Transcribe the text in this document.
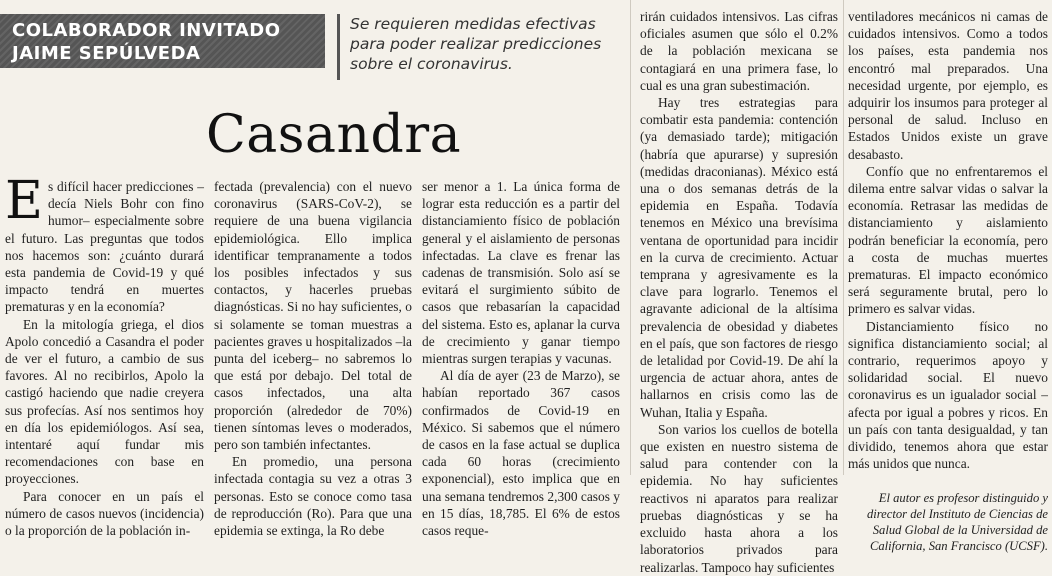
COLABORADOR INVITADO
JAIME SEPÚLVEDA
Se requieren medidas efectivas para poder realizar predicciones sobre el coronavirus.
Casandra

Es difícil hacer predicciones –decía Niels Bohr con fino humor– especialmente sobre el futuro. Las preguntas que todos nos hacemos son: ¿cuánto durará esta pandemia de Covid-19 y qué impacto tendrá en muertes prematuras y en la economía?

En la mitología griega, el dios Apolo concedió a Casandra el poder de ver el futuro, a cambio de sus favores. Al no recibirlos, Apolo la castigó haciendo que nadie creyera sus profecías. Así nos sentimos hoy en día los epidemiólogos. Así sea, intentaré aquí fundar mis recomendaciones con base en proyecciones.

Para conocer en un país el número de casos nuevos (incidencia) o la proporción de la población in-

fectada (prevalencia) con el nuevo coronavirus (SARS-CoV-2), se requiere de una buena vigilancia epidemiológica. Ello implica identificar tempranamente a todos los posibles infectados y sus contactos, y hacerles pruebas diagnósticas. Si no hay suficientes, o si solamente se toman muestras a pacientes graves u hospitalizados –la punta del iceberg– no sabremos lo que está por debajo. Del total de casos infectados, una alta proporción (alrededor de 70%) tienen síntomas leves o moderados, pero son también infectantes.

En promedio, una persona infectada contagia su vez a otras 3 personas. Esto se conoce como tasa de reproducción (Ro). Para que una epidemia se extinga, la Ro debe

ser menor a 1. La única forma de lograr esta reducción es a partir del distanciamiento físico de población general y el aislamiento de personas infectadas. La clave es frenar las cadenas de transmisión. Solo así se evitará el surgimiento súbito de casos que rebasarían la capacidad del sistema. Esto es, aplanar la curva de crecimiento y ganar tiempo mientras surgen terapias y vacunas.

Al día de ayer (23 de Marzo), se habían reportado 367 casos confirmados de Covid-19 en México. Si sabemos que el número de casos en la fase actual se duplica cada 60 horas (crecimiento exponencial), esto implica que en una semana tendremos 2,300 casos y en 15 días, 18,785. El 6% de estos casos reque-

rirán cuidados intensivos. Las cifras oficiales asumen que sólo el 0.2% de la población mexicana se contagiará en una primera fase, lo cual es una gran subestimación.

Hay tres estrategias para combatir esta pandemia: contención (ya demasiado tarde); mitigación (habría que apurarse) y supresión (medidas draconianas). México está una o dos semanas detrás de la epidemia en España. Todavía tenemos en México una brevísima ventana de oportunidad para incidir en la curva de crecimiento. Actuar temprana y agresivamente es la clave para lograrlo. Tenemos el agravante adicional de la altísima prevalencia de obesidad y diabetes en el país, que son factores de riesgo de letalidad por Covid-19. De ahí la urgencia de actuar ahora, antes de hallarnos en crisis como las de Wuhan, Italia y España.

Son varios los cuellos de botella que existen en nuestro sistema de salud para contender con la epidemia. No hay suficientes reactivos ni aparatos para realizar pruebas diagnósticas y se ha excluido hasta ahora a los laboratorios privados para realizarlas. Tampoco hay suficientes

ventiladores mecánicos ni camas de cuidados intensivos. Como a todos los países, esta pandemia nos encontró mal preparados. Una necesidad urgente, por ejemplo, es adquirir los insumos para proteger al personal de salud. Incluso en Estados Unidos existe un grave desabasto.

Confío que no enfrentaremos el dilema entre salvar vidas o salvar la economía. Retrasar las medidas de distanciamiento y aislamiento podrán beneficiar la economía, pero a costa de muchas muertes prematuras. El impacto económico será seguramente brutal, pero lo primero es salvar vidas.

Distanciamiento físico no significa distanciamiento social; al contrario, requerimos apoyo y solidaridad social. El nuevo coronavirus es un igualador social –afecta por igual a pobres y ricos. En un país con tanta desigualdad, y tan dividido, tenemos ahora que estar más unidos que nunca.

El autor es profesor distinguido y director del Instituto de Ciencias de Salud Global de la Universidad de California, San Francisco (UCSF).
